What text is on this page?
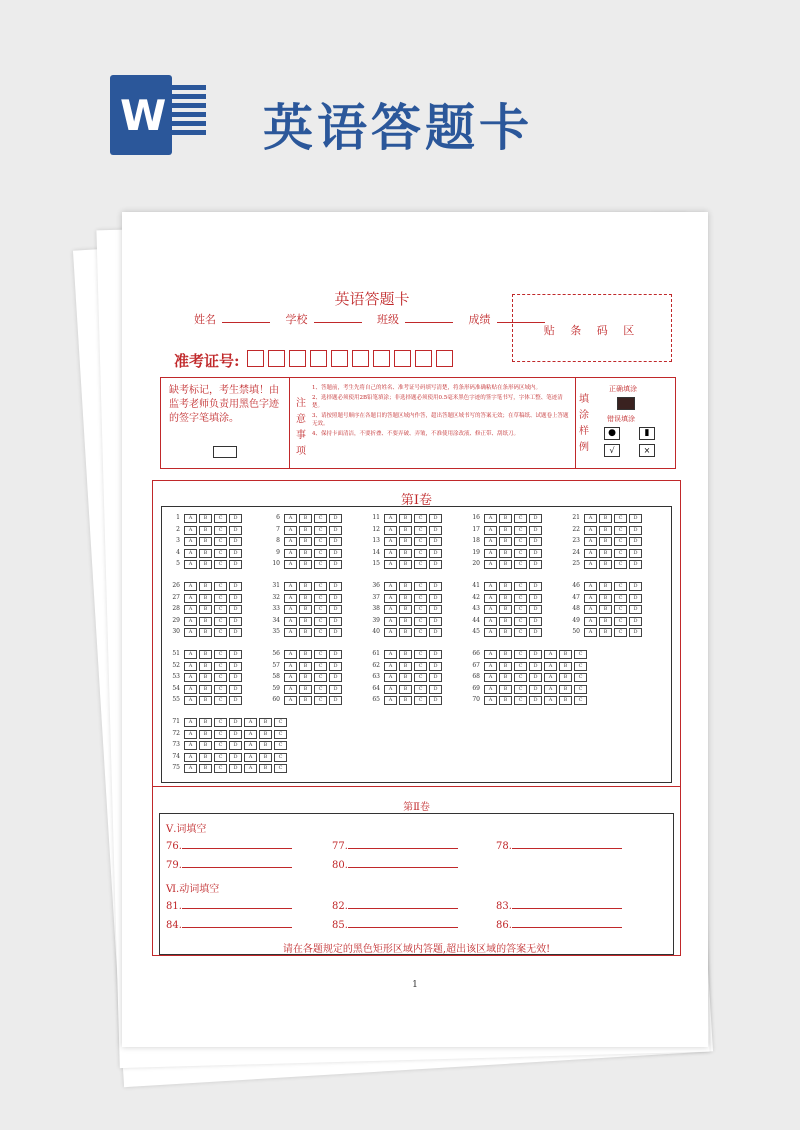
W 英语答题卡
英语答题卡
姓名	学校	班级	成绩
贴 条 码 区
准考证号:
缺考标记，考生禁填！由监考老师负责用黑色字迹的签字笔填涂。
注
意
事
项
1、答题前，考生先将自己的姓名、准考证号码填写清楚，将条形码准确粘贴在条形码区域内。
2、选择题必须使用2B铅笔填涂；非选择题必须使用0.5毫米黑色字迹的签字笔书写，字体工整、笔迹清楚。
3、请按照题号顺序在各题目的答题区域内作答，超出答题区域书写的答案无效；在草稿纸、试题卷上答题无效。
4、保持卡面清洁，不要折叠、不要弄破、弄皱，不准使用涂改液、修正带、刮纸刀。
填
涂
样
例
正确填涂
错误填涂
●	▮
√	×
第Ⅰ卷
1	A	B	C	D
2	A	B	C	D
3	A	B	C	D
4	A	B	C	D
5	A	B	C	D
6	A	B	C	D
7	A	B	C	D
8	A	B	C	D
9	A	B	C	D
10	A	B	C	D
11	A	B	C	D
12	A	B	C	D
13	A	B	C	D
14	A	B	C	D
15	A	B	C	D
16	A	B	C	D
17	A	B	C	D
18	A	B	C	D
19	A	B	C	D
20	A	B	C	D
21	A	B	C	D
22	A	B	C	D
23	A	B	C	D
24	A	B	C	D
25	A	B	C	D
26	A	B	C	D
27	A	B	C	D
28	A	B	C	D
29	A	B	C	D
30	A	B	C	D
31	A	B	C	D
32	A	B	C	D
33	A	B	C	D
34	A	B	C	D
35	A	B	C	D
36	A	B	C	D
37	A	B	C	D
38	A	B	C	D
39	A	B	C	D
40	A	B	C	D
41	A	B	C	D
42	A	B	C	D
43	A	B	C	D
44	A	B	C	D
45	A	B	C	D
46	A	B	C	D
47	A	B	C	D
48	A	B	C	D
49	A	B	C	D
50	A	B	C	D
51	A	B	C	D
52	A	B	C	D
53	A	B	C	D
54	A	B	C	D
55	A	B	C	D
56	A	B	C	D
57	A	B	C	D
58	A	B	C	D
59	A	B	C	D
60	A	B	C	D
61	A	B	C	D
62	A	B	C	D
63	A	B	C	D
64	A	B	C	D
65	A	B	C	D
66	A	B	C	D	A	B	C
67	A	B	C	D	A	B	C
68	A	B	C	D	A	B	C
69	A	B	C	D	A	B	C
70	A	B	C	D	A	B	C
71	A	B	C	D	A	B	C
72	A	B	C	D	A	B	C
73	A	B	C	D	A	B	C
74	A	B	C	D	A	B	C
75	A	B	C	D	A	B	C
第Ⅱ卷
Ⅴ.词填空
76.	77.	78.
79.	80.
Ⅵ.动词填空
81.	82.	83.
84.	85.	86.
请在各题规定的黑色矩形区域内答题,超出该区域的答案无效!
1
